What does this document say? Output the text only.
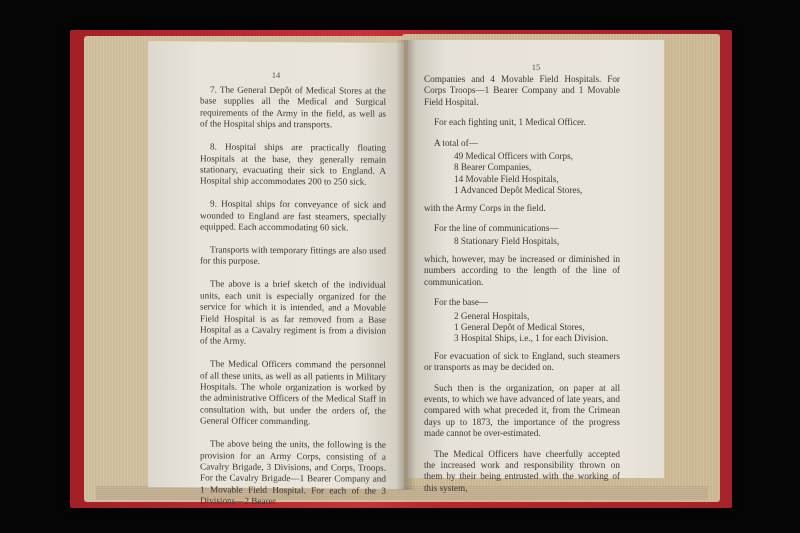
14

7. The General Depôt of Medical Stores at the base supplies all the Medical and Surgical requirements of the Army in the field, as well as of the Hospital ships and transports.

8. Hospital ships are practically floating Hospitals at the base, they generally remain stationary, evacuating their sick to England. A Hospital ship accommodates 200 to 250 sick.

9. Hospital ships for conveyance of sick and wounded to England are fast steamers, specially equipped. Each accommodating 60 sick.

Transports with temporary fittings are also used for this purpose.

The above is a brief sketch of the individual units, each unit is especially organized for the service for which it is intended, and a Movable Field Hospital is as far removed from a Base Hospital as a Cavalry regiment is from a division of the Army.

The Medical Officers command the personnel of all these units, as well as all patients in Military Hospitals. The whole organization is worked by the administrative Officers of the Medical Staff in consultation with, but under the orders of, the General Officer commanding.

The above being the units, the following is the provision for an Army Corps, consisting of a Cavalry Brigade, 3 Divisions, and Corps, Troops. For the Cavalry Brigade—1 Bearer Company and 1 Movable Field Hospital. For each of the 3 Divisions—2 Bearer

15

Companies and 4 Movable Field Hospitals. For Corps Troops—1 Bearer Company and 1 Movable Field Hospital.

For each fighting unit, 1 Medical Officer.

A total of—

49 Medical Officers with Corps,
8 Bearer Companies,
14 Movable Field Hospitals,
1 Advanced Depôt Medical Stores,

with the Army Corps in the field.

For the line of communications—

8 Stationary Field Hospitals,

which, however, may be increased or diminished in numbers according to the length of the line of communication.

For the base—

2 General Hospitals,
1 General Depôt of Medical Stores,
3 Hospital Ships, i.e., 1 for each Division.

For evacuation of sick to England, such steamers or transports as may be decided on.

Such then is the organization, on paper at all events, to which we have advanced of late years, and compared with what preceded it, from the Crimean days up to 1873, the importance of the progress made cannot be over-estimated.

The Medical Officers have cheerfully accepted the increased work and responsibility thrown on them by their being entrusted with the working of this system,
